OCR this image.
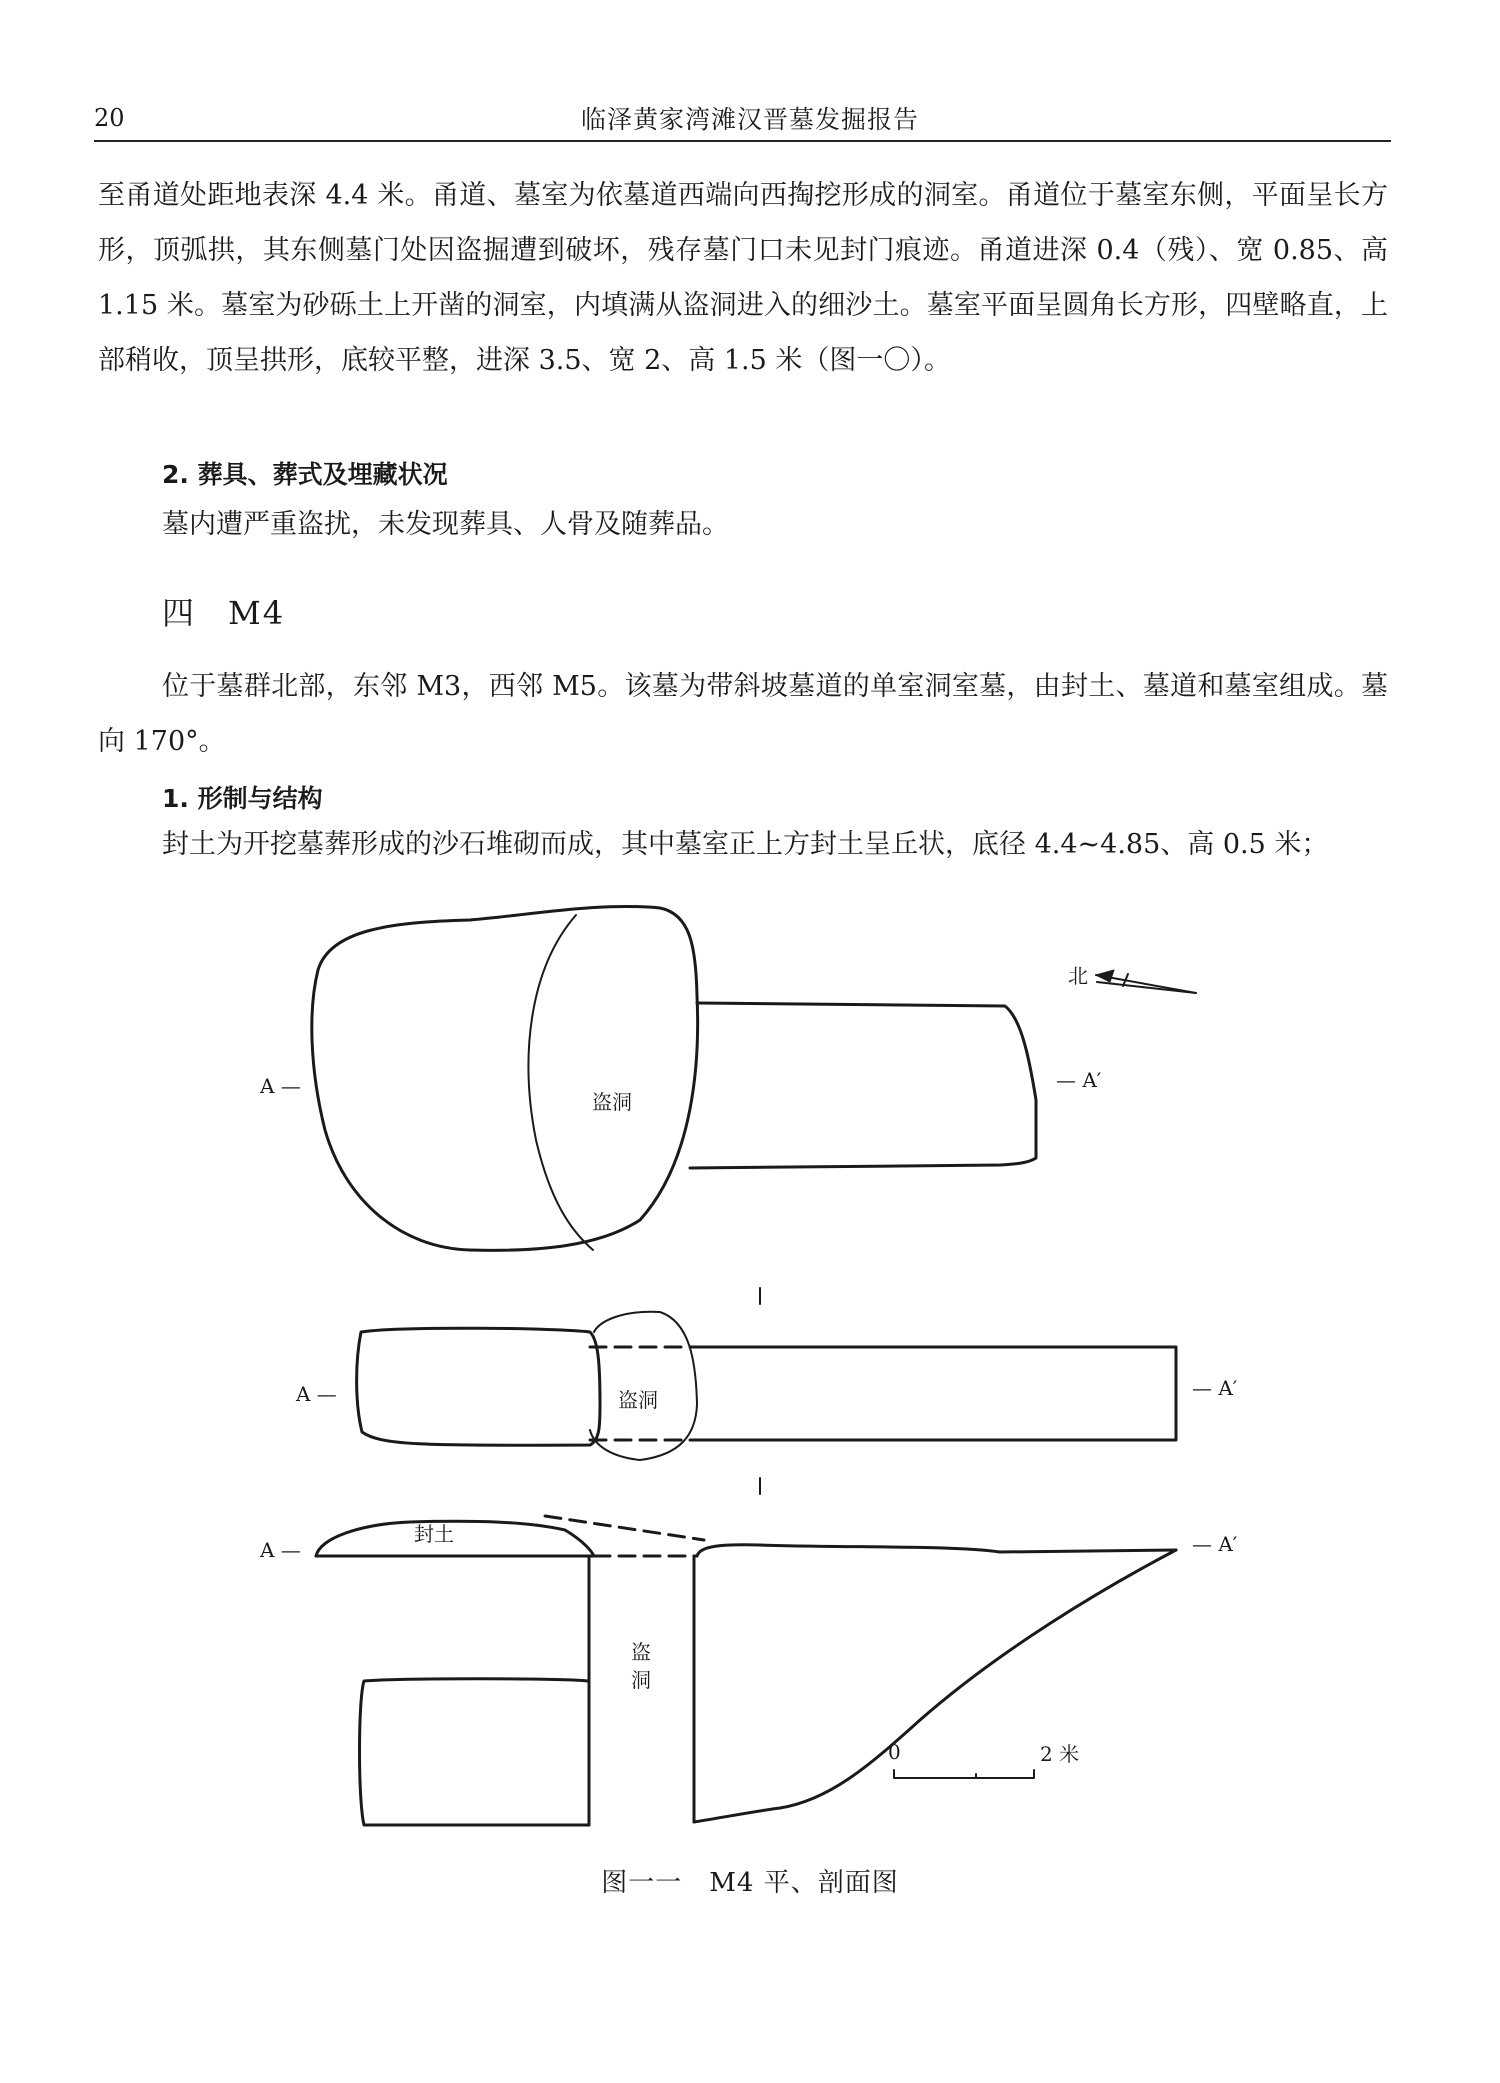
20	临泽黄家湾滩汉晋墓发掘报告
至甬道处距地表深 4.4 米。甬道、墓室为依墓道西端向西掏挖形成的洞室。甬道位于墓室东侧，平面呈长方形，顶弧拱，其东侧墓门处因盗掘遭到破坏，残存墓门口未见封门痕迹。甬道进深 0.4（残）、宽 0.85、高 1.15 米。墓室为砂砾土上开凿的洞室，内填满从盗洞进入的细沙土。墓室平面呈圆角长方形，四壁略直，上部稍收，顶呈拱形，底较平整，进深 3.5、宽 2、高 1.5 米（图一〇）。
2. 葬具、葬式及埋藏状况
墓内遭严重盗扰，未发现葬具、人骨及随葬品。
四 M4
位于墓群北部，东邻 M3，西邻 M5。该墓为带斜坡墓道的单室洞室墓，由封土、墓道和墓室组成。墓向 170°。
1. 形制与结构
封土为开挖墓葬形成的沙石堆砌而成，其中墓室正上方封土呈丘状，底径 4.4~4.85、高 0.5 米；
北
A —	— A′
盗洞
A —	— A′
盗洞
A —	— A′
封土
盗
洞
0	2 米
图一一　M4 平、剖面图
